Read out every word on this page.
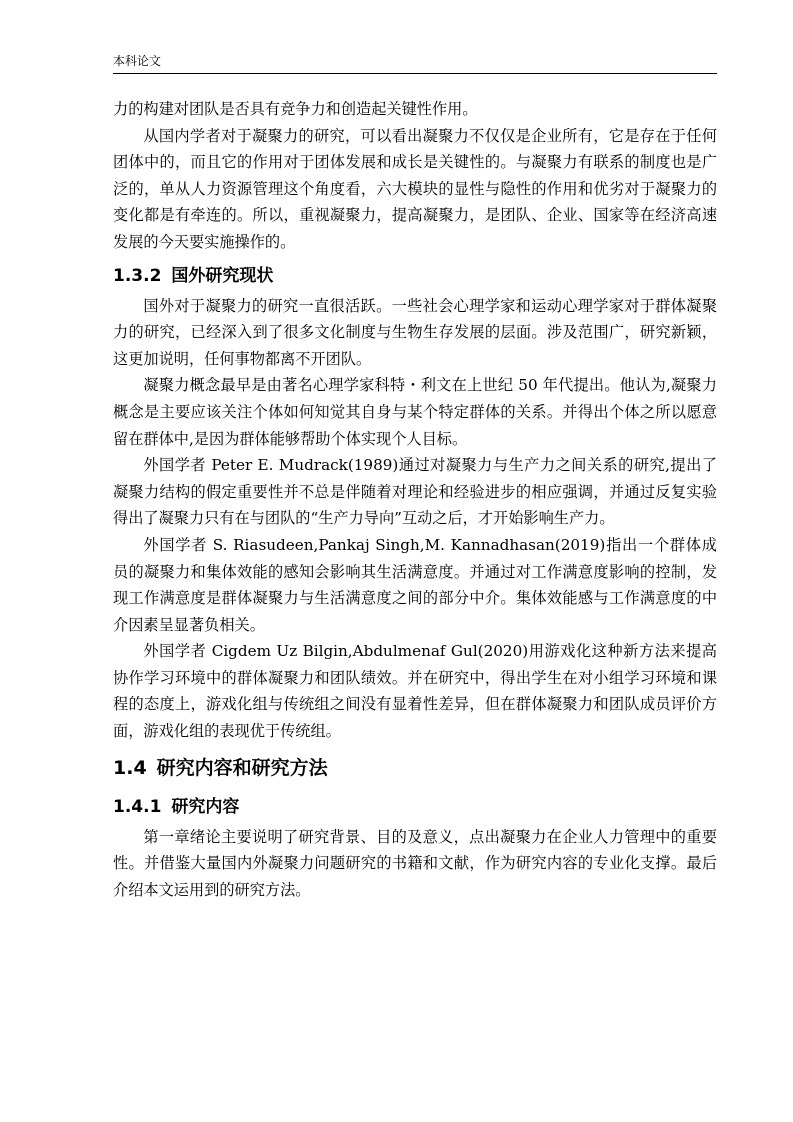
本科论文

力的构建对团队是否具有竞争力和创造起关键性作用。

从国内学者对于凝聚力的研究，可以看出凝聚力不仅仅是企业所有，它是存在于任何团体中的，而且它的作用对于团体发展和成长是关键性的。与凝聚力有联系的制度也是广泛的，单从人力资源管理这个角度看，六大模块的显性与隐性的作用和优劣对于凝聚力的变化都是有牵连的。所以，重视凝聚力，提高凝聚力，是团队、企业、国家等在经济高速发展的今天要实施操作的。

1.3.2 国外研究现状

国外对于凝聚力的研究一直很活跃。一些社会心理学家和运动心理学家对于群体凝聚力的研究，已经深入到了很多文化制度与生物生存发展的层面。涉及范围广，研究新颖，这更加说明，任何事物都离不开团队。

凝聚力概念最早是由著名心理学家科特・利文在上世纪 50 年代提出。他认为,凝聚力概念是主要应该关注个体如何知觉其自身与某个特定群体的关系。并得出个体之所以愿意留在群体中,是因为群体能够帮助个体实现个人目标。

外国学者 Peter E. Mudrack(1989)通过对凝聚力与生产力之间关系的研究,提出了凝聚力结构的假定重要性并不总是伴随着对理论和经验进步的相应强调，并通过反复实验得出了凝聚力只有在与团队的“生产力导向”互动之后，才开始影响生产力。

外国学者 S. Riasudeen,Pankaj Singh,M. Kannadhasan(2019)指出一个群体成员的凝聚力和集体效能的感知会影响其生活满意度。并通过对工作满意度影响的控制，发现工作满意度是群体凝聚力与生活满意度之间的部分中介。集体效能感与工作满意度的中介因素呈显著负相关。

外国学者 Cigdem Uz Bilgin,Abdulmenaf Gul(2020)用游戏化这种新方法来提高协作学习环境中的群体凝聚力和团队绩效。并在研究中，得出学生在对小组学习环境和课程的态度上，游戏化组与传统组之间没有显着性差异，但在群体凝聚力和团队成员评价方面，游戏化组的表现优于传统组。

1.4 研究内容和研究方法
1.4.1 研究内容

第一章绪论主要说明了研究背景、目的及意义，点出凝聚力在企业人力管理中的重要性。并借鉴大量国内外凝聚力问题研究的书籍和文献，作为研究内容的专业化支撑。最后介绍本文运用到的研究方法。
